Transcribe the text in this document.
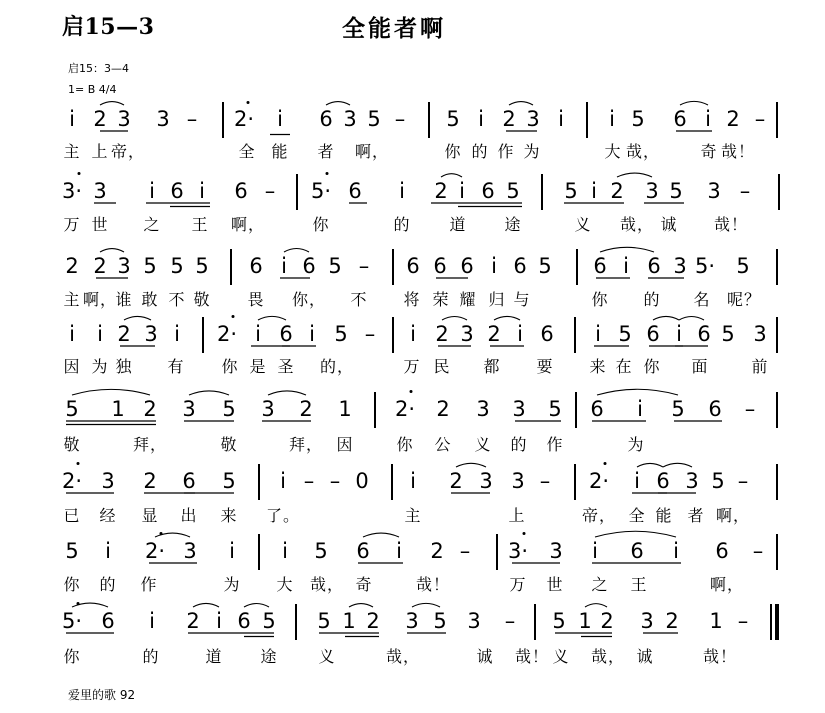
启15—3	全能者啊
启15：3—4
1= B 4/4
爱里的歌 92
i 2 3 3 – 2· i 6 3 5 – 5 i 2 3 i i 5 6 i 2 –
主 上 帝，	全 能 者 啊，	你 的 作 为	大 哉，	奇 哉！
3· 3 i 6 i 6 – 5· 6 i 2 i 6 5 5 i 2 3 5 3 –
万 世 之 王 啊，	你	的 道 途	义 哉， 诚 哉！
2 2 3 5 5 5 6 i 6 5 – 6 6 6 i 6 5 6 i 6 3 5· 5
主 啊，
谁 敢 不 敬 畏 你， 不 将 荣 耀 归 与	你 的 名 呢？
i i 2 3 i 2· i 6 i 5 – i 2 3 2 i 6 i 5 6 i 6 5 3
因 为 独 有 你 是 圣 的，	万 民 都 要 来 在 你 面	前
5 1 2 3 5 3 2 1 2· 2 3 3 5 6 i 5 6 –
敬	拜，	敬	拜， 因	你 公 义 的 作	为
2· 3 2 6 5 i – – 0 i 2 3 3 – 2· i 6 3 5 –
已 经 显 出 来 了。	主	上	帝， 全 能 者 啊，
5 i 2· 3 i i 5 6 i 2 – 3· 3 i 6 i 6 –
你 的 作	为 大 哉， 奇	哉！	万 世 之 王	啊，
5· 6 i 2 i 6 5 5 1 2 3 5 3 – 5 1 2 3 2 1 –
你	的	道 途	义	哉，	诚 哉！ 义 哉， 诚	哉！
